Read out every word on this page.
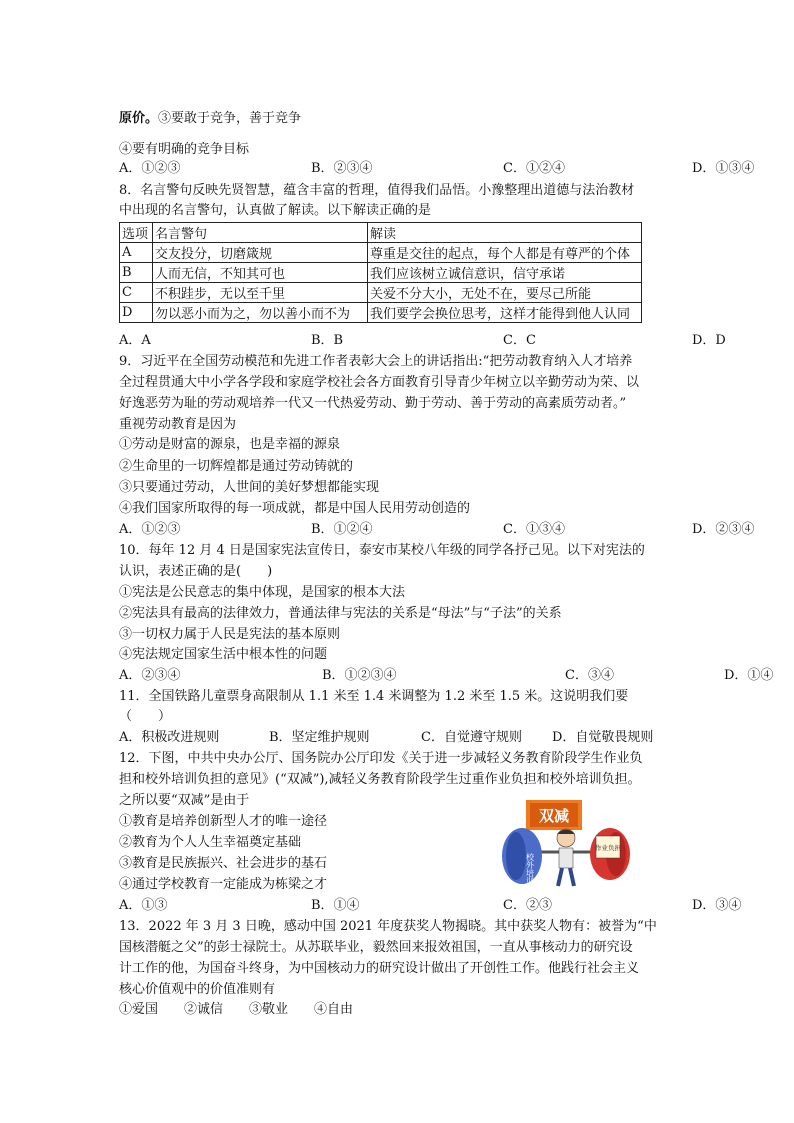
原价。③要敢于竞争，善于竞争
④要有明确的竞争目标
A．①②③	B．②③④	C．①②④	D．①③④
8．名言警句反映先贤智慧，蕴含丰富的哲理，值得我们品悟。小豫整理出道德与法治教材
中出现的名言警句，认真做了解读。以下解读正确的是
选项	名言警句	解读
A	交友投分，切磨箴规	尊重是交往的起点，每个人都是有尊严的个体
B	人而无信，不知其可也	我们应该树立诚信意识，信守承诺
C	不积跬步，无以至千里	关爱不分大小，无处不在，要尽己所能
D	勿以恶小而为之，勿以善小而不为	我们要学会换位思考，这样才能得到他人认同
A．A	B．B	C．C	D．D
9．习近平在全国劳动模范和先进工作者表彰大会上的讲话指出:“把劳动教育纳入人才培养
全过程贯通大中小学各学段和家庭学校社会各方面教育引导青少年树立以辛勤劳动为荣、以
好逸恶劳为耻的劳动观培养一代又一代热爱劳动、勤于劳动、善于劳动的高素质劳动者。”
重视劳动教育是因为
①劳动是财富的源泉，也是幸福的源泉
②生命里的一切辉煌都是通过劳动铸就的
③只要通过劳动，人世间的美好梦想都能实现
④我们国家所取得的每一项成就，都是中国人民用劳动创造的
A．①②③	B．①②④	C．①③④	D．②③④
10．每年 12 月 4 日是国家宪法宣传日，泰安市某校八年级的同学各抒己见。以下对宪法的
认识，表述正确的是(　　)
①宪法是公民意志的集中体现，是国家的根本大法
②宪法具有最高的法律效力，普通法律与宪法的关系是“母法”与“子法”的关系
③一切权力属于人民是宪法的基本原则
④宪法规定国家生活中根本性的问题
A．②③④	B．①②③④	C．③④	D．①④
11．全国铁路儿童票身高限制从 1.1 米至 1.4 米调整为 1.2 米至 1.5 米。这说明我们要
（　　）
A．积极改进规则	B．坚定维护规则	C．自觉遵守规则 D．自觉敬畏规则
12．下图，中共中央办公厅、国务院办公厅印发《关于进一步减轻义务教育阶段学生作业负
担和校外培训负担的意见》(“双减”),减轻义务教育阶段学生过重作业负担和校外培训负担。
之所以要“双减”是由于
①教育是培养创新型人才的唯一途径
②教育为个人人生幸福奠定基础
③教育是民族振兴、社会进步的基石
④通过学校教育一定能成为栋梁之才
A．①③	B．①④	C．②③	D．③④
双减
校外培训
作业负担
13．2022 年 3 月 3 日晚，感动中国 2021 年度获奖人物揭晓。其中获奖人物有：被誉为“中
国核潜艇之父”的彭士禄院士。从苏联毕业，毅然回来报效祖国，一直从事核动力的研究设
计工作的他，为国奋斗终身，为中国核动力的研究设计做出了开创性工作。他践行社会主义
核心价值观中的价值准则有
①爱国　　②诚信　　③敬业　　④自由
